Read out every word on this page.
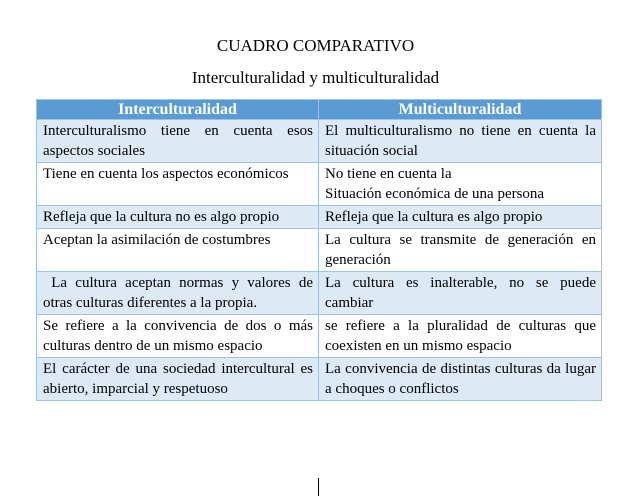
CUADRO COMPARATIVO
Interculturalidad y multiculturalidad
Interculturalidad	Multiculturalidad
Interculturalismo tiene en cuenta esos aspectos sociales	El multiculturalismo no tiene en cuenta la situación social
Tiene en cuenta los aspectos económicos	No tiene en cuenta la
Situación económica de una persona
Refleja que la cultura no es algo propio	Refleja que la cultura es algo propio
Aceptan la asimilación de costumbres	La cultura se transmite de generación en generación
La cultura aceptan normas y valores de otras culturas diferentes a la propia.	La cultura es inalterable, no se puede cambiar
Se refiere a la convivencia de dos o más culturas dentro de un mismo espacio	se refiere a la pluralidad de culturas que coexisten en un mismo espacio
El carácter de una sociedad intercultural es abierto, imparcial y respetuoso	La convivencia de distintas culturas da lugar a choques o conflictos
